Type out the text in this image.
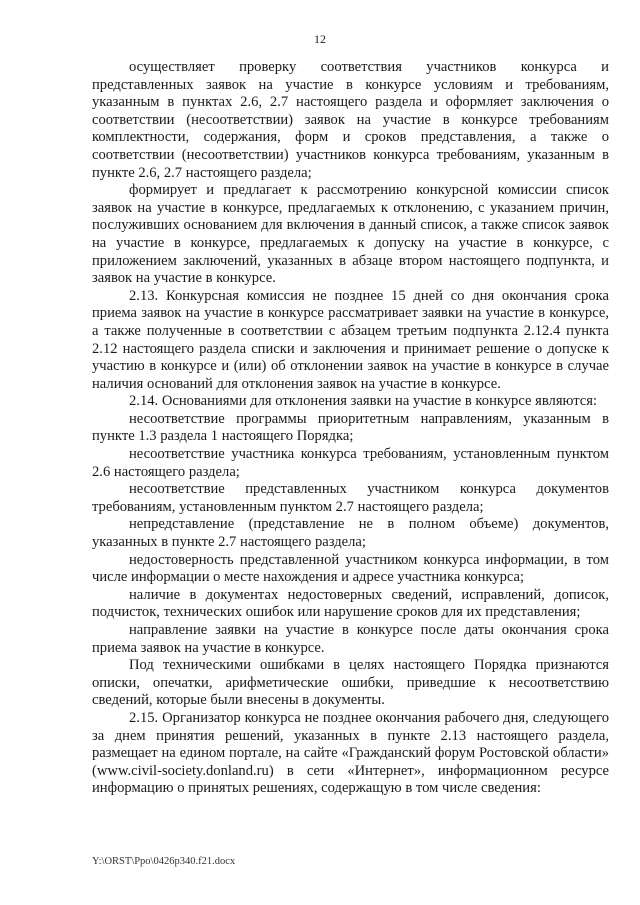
12

осуществляет проверку соответствия участников конкурса и представленных заявок на участие в конкурсе условиям и требованиям, указанным в пунктах 2.6, 2.7 настоящего раздела и оформляет заключения о соответствии (несоответствии) заявок на участие в конкурсе требованиям комплектности, содержания, форм и сроков представления, а также о соответствии (несоответствии) участников конкурса требованиям, указанным в пункте 2.6, 2.7 настоящего раздела;

формирует и предлагает к рассмотрению конкурсной комиссии список заявок на участие в конкурсе, предлагаемых к отклонению, с указанием причин, послуживших основанием для включения в данный список, а также список заявок на участие в конкурсе, предлагаемых к допуску на участие в конкурсе, с приложением заключений, указанных в абзаце втором настоящего подпункта, и заявок на участие в конкурсе.

2.13. Конкурсная комиссия не позднее 15 дней со дня окончания срока приема заявок на участие в конкурсе рассматривает заявки на участие в конкурсе, а также полученные в соответствии с абзацем третьим подпункта 2.12.4 пункта 2.12 настоящего раздела списки и заключения и принимает решение о допуске к участию в конкурсе и (или) об отклонении заявок на участие в конкурсе в случае наличия оснований для отклонения заявок на участие в конкурсе.

2.14. Основаниями для отклонения заявки на участие в конкурсе являются:

несоответствие программы приоритетным направлениям, указанным в пункте 1.3 раздела 1 настоящего Порядка;

несоответствие участника конкурса требованиям, установленным пунктом 2.6 настоящего раздела;

несоответствие представленных участником конкурса документов требованиям, установленным пунктом 2.7 настоящего раздела;

непредставление (представление не в полном объеме) документов, указанных в пункте 2.7 настоящего раздела;

недостоверность представленной участником конкурса информации, в том числе информации о месте нахождения и адресе участника конкурса;

наличие в документах недостоверных сведений, исправлений, дописок, подчисток, технических ошибок или нарушение сроков для их представления;

направление заявки на участие в конкурсе после даты окончания срока приема заявок на участие в конкурсе.

Под техническими ошибками в целях настоящего Порядка признаются описки, опечатки, арифметические ошибки, приведшие к несоответствию сведений, которые были внесены в документы.

2.15. Организатор конкурса не позднее окончания рабочего дня, следующего за днем принятия решений, указанных в пункте 2.13 настоящего раздела, размещает на едином портале, на сайте «Гражданский форум Ростовской области» (www.civil-society.donland.ru) в сети «Интернет», информационном ресурсе информацию о принятых решениях, содержащую в том числе сведения:

Y:\ORST\Ppo\0426p340.f21.docx
